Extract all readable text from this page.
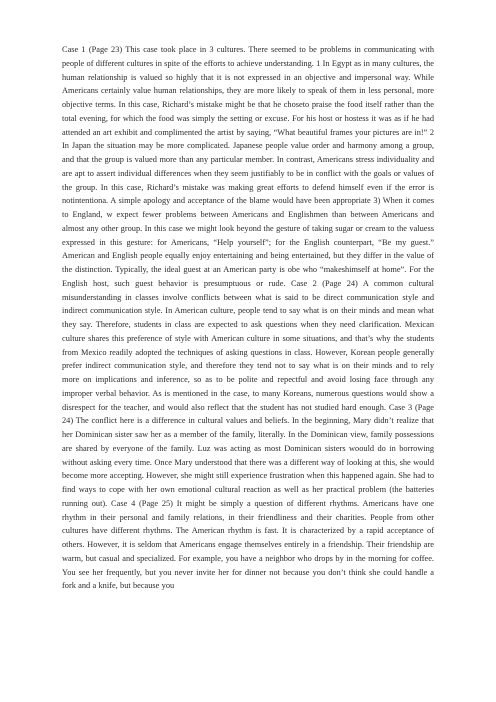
Case 1 (Page 23) This case took place in 3 cultures. There seemed to be problems in communicating with people of different cultures in spite of the efforts to achieve understanding. 1 In Egypt as in many cultures, the human relationship is valued so highly that it is not expressed in an objective and impersonal way. While Americans certainly value human relationships, they are more likely to speak of them in less personal, more objective terms. In this case, Richard’s mistake might be that he choseto praise the food itself rather than the total evening, for which the food was simply the setting or excuse. For his host or hostess it was as if he had attended an art exhibit and complimented the artist by saying, “What beautiful frames your pictures are in!” 2 In Japan the situation may be more complicated. Japanese people value order and harmony among a group, and that the group is valued more than any particular member. In contrast, Americans stress individuality and are apt to assert individual differences when they seem justifiably to be in conflict with the goals or values of the group. In this case, Richard’s mistake was making great efforts to defend himself even if the error is notintentiona. A simple apology and acceptance of the blame would have been appropriate 3) When it comes to England, w expect fewer problems between Americans and Englishmen than between Americans and almost any other group. In this case we might look beyond the gesture of taking sugar or cream to the valuess expressed in this gesture: for Americans, “Help yourself”; for the English counterpart, “Be my guest.” American and English people equally enjoy entertaining and being entertained, but they differ in the value of the distinction. Typically, the ideal guest at an American party is obe who “makeshimself at home”. For the English host, such guest behavior is presumptuous or rude. Case 2 (Page 24) A common cultural misunderstanding in classes involve conflicts between what is said to be direct communication style and indirect communication style. In American culture, people tend to say what is on their minds and mean what they say. Therefore, students in class are expected to ask questions when they need clarification. Mexican culture shares this preference of style with American culture in some situations, and that’s why the students from Mexico readily adopted the techniques of asking questions in class. However, Korean people generally prefer indirect communication style, and therefore they tend not to say what is on their minds and to rely more on implications and inference, so as to be polite and repectful and avoid losing face through any improper verbal behavior. As is mentioned in the case, to many Koreans, numerous questions would show a disrespect for the teacher, and would also reflect that the student has not studied hard enough. Case 3 (Page 24) The conflict here is a difference in cultural values and beliefs. In the beginning, Mary didn’t realize that her Dominican sister saw her as a member of the family, literally. In the Dominican view, family possessions are shared by everyone of the family. Luz was acting as most Dominican sisters woould do in borrowing without asking every time. Once Mary understood that there was a different way of looking at this, she would become more accepting. However, she might still experience frustration when this happened again. She had to find ways to cope with her own emotional cultural reaction as well as her practical problem (the batteries running out). Case 4 (Page 25) It might be simply a question of different rhythms. Americans have one rhythm in their personal and family relations, in their friendliness and their charities. People from other cultures have different rhythms. The American rhythm is fast. It is characterized by a rapid acceptance of others. However, it is seldom that Americans engage themselves entirely in a friendship. Their friendship are warm, but casual and specialized. For example, you have a neighbor who drops by in the morning for coffee. You see her frequently, but you never invite her for dinner not because you don’t think she could handle a fork and a knife, but because you
